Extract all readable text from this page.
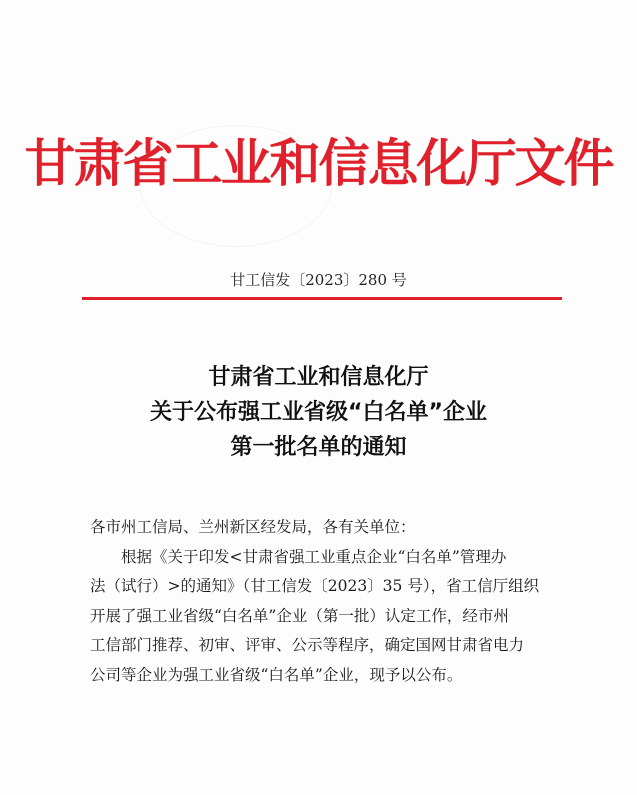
甘肃省工业和信息化厅文件
甘工信发〔2023〕280 号
甘肃省工业和信息化厅
关于公布强工业省级“白名单”企业
第一批名单的通知
各市州工信局、兰州新区经发局，各有关单位：
根据《关于印发<甘肃省强工业重点企业“白名单”管理办
法（试行）>的通知》（甘工信发〔2023〕35 号），省工信厅组织
开展了强工业省级“白名单”企业（第一批）认定工作，经市州
工信部门推荐、初审、评审、公示等程序，确定国网甘肃省电力
公司等企业为强工业省级“白名单”企业，现予以公布。
